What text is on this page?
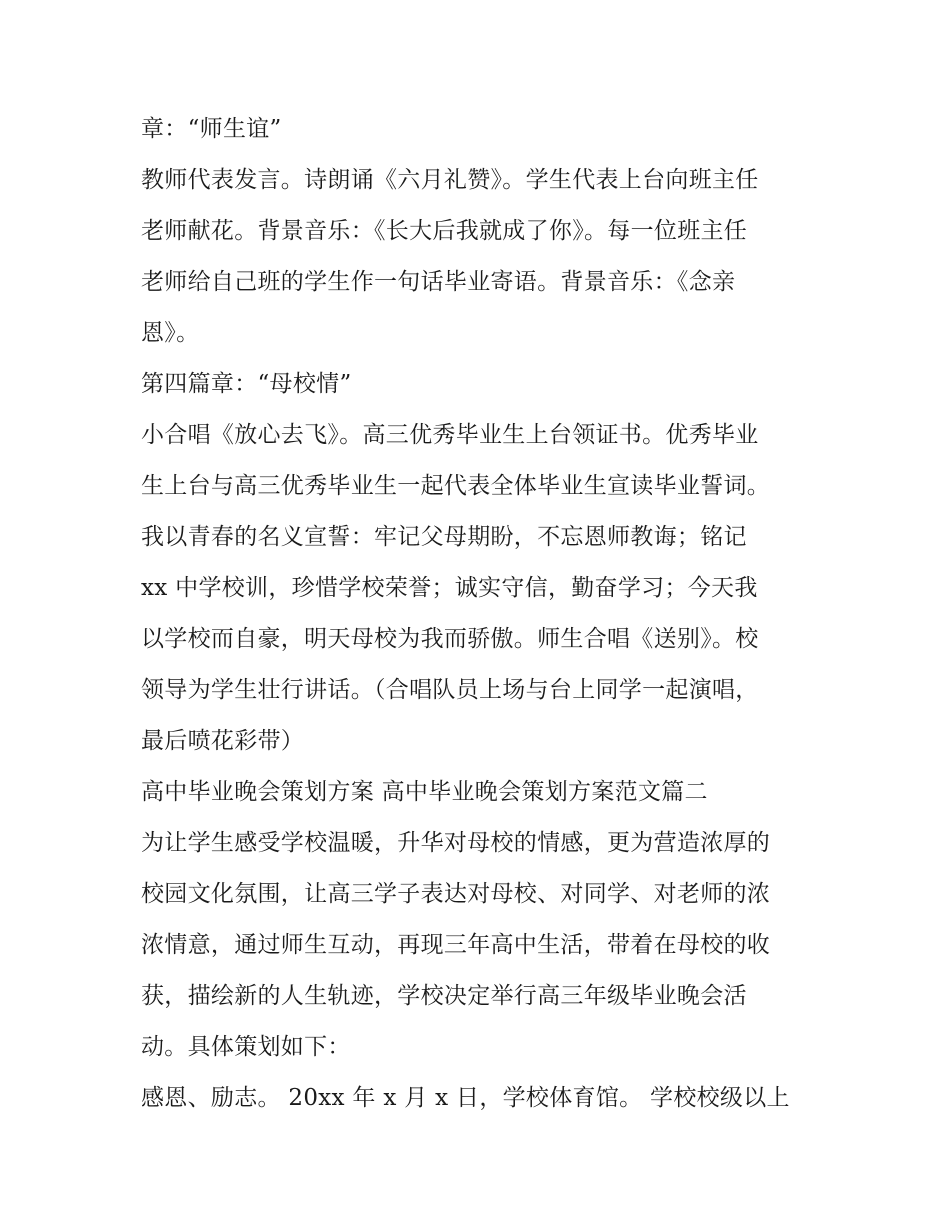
章：“师生谊”
教师代表发言。诗朗诵《六月礼赞》。学生代表上台向班主任
老师献花。背景音乐：《长大后我就成了你》。每一位班主任
老师给自己班的学生作一句话毕业寄语。背景音乐：《念亲
恩》。
第四篇章：“母校情”
小合唱《放心去飞》。高三优秀毕业生上台领证书。优秀毕业
生上台与高三优秀毕业生一起代表全体毕业生宣读毕业誓词。
我以青春的名义宣誓：牢记父母期盼，不忘恩师教诲；铭记
xx 中学校训，珍惜学校荣誉；诚实守信，勤奋学习；今天我
以学校而自豪，明天母校为我而骄傲。师生合唱《送别》。校
领导为学生壮行讲话。（合唱队员上场与台上同学一起演唱，
最后喷花彩带）
高中毕业晚会策划方案 高中毕业晚会策划方案范文篇二
为让学生感受学校温暖，升华对母校的情感，更为营造浓厚的
校园文化氛围，让高三学子表达对母校、对同学、对老师的浓
浓情意，通过师生互动，再现三年高中生活，带着在母校的收
获，描绘新的人生轨迹，学校决定举行高三年级毕业晚会活
动。具体策划如下：
感恩、励志。 20xx 年 x 月 x 日，学校体育馆。 学校校级以上
